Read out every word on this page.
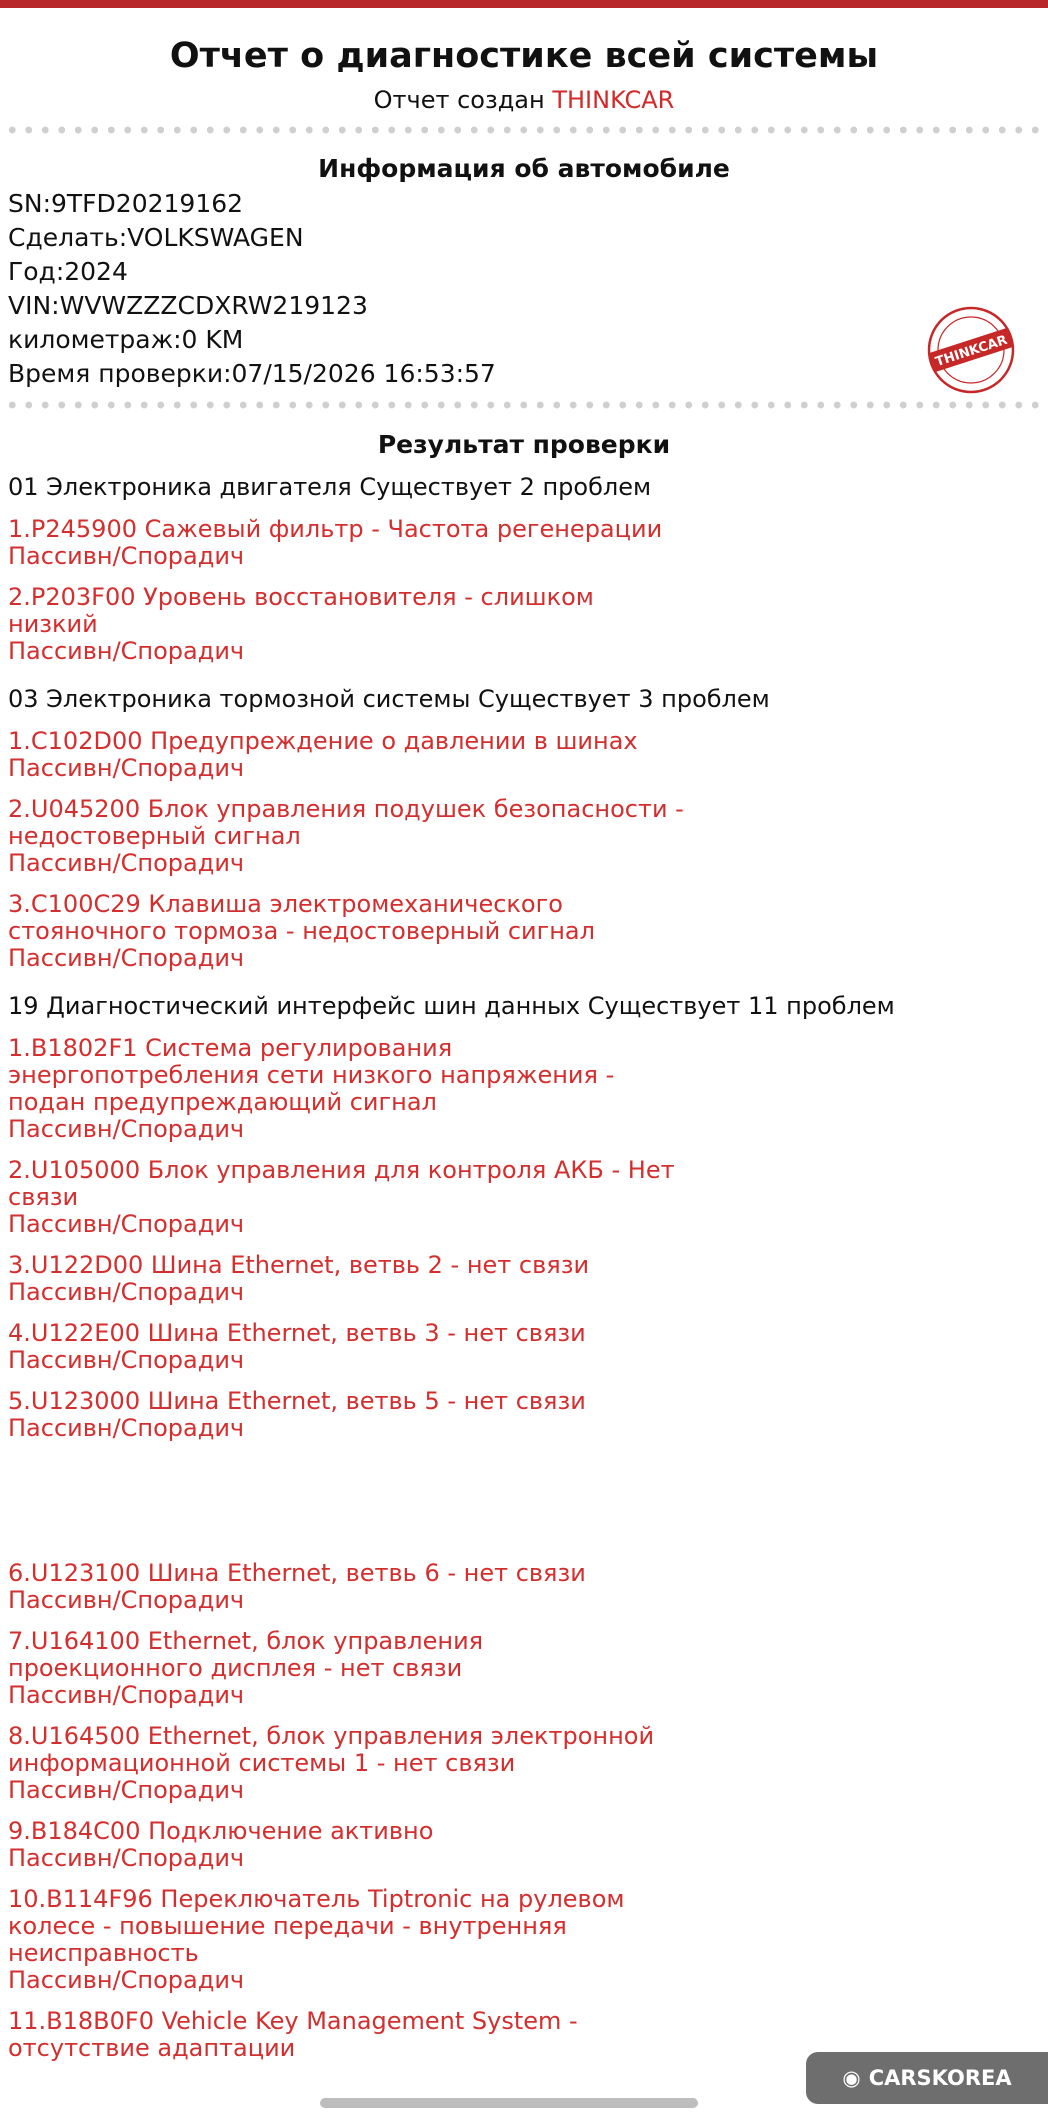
Отчет о диагностике всей системы
Отчет создан THINKCAR
Информация об автомобиле
SN:9TFD20219162
Сделать:VOLKSWAGEN
Год:2024
VIN:WVWZZZCDXRW219123
километраж:0 KM
Время проверки:07/15/2026 16:53:57
THINKCAR
Результат проверки
01 Электроника двигателя Существует 2 проблем
1.P245900 Сажевый фильтр - Частота регенерации
Пассивн/Спорадич
2.P203F00 Уровень восстановителя - слишком низкий
Пассивн/Спорадич
03 Электроника тормозной системы Существует 3 проблем
1.C102D00 Предупреждение о давлении в шинах
Пассивн/Спорадич
2.U045200 Блок управления подушек безопасности - недостоверный сигнал
Пассивн/Спорадич
3.C100C29 Клавиша электромеханического стояночного тормоза - недостоверный сигнал
Пассивн/Спорадич
19 Диагностический интерфейс шин данных Существует 11 проблем
1.B1802F1 Система регулирования энергопотребления сети низкого напряжения - подан предупреждающий сигнал
Пассивн/Спорадич
2.U105000 Блок управления для контроля АКБ - Нет связи
Пассивн/Спорадич
3.U122D00 Шина Ethernet, ветвь 2 - нет связи
Пассивн/Спорадич
4.U122E00 Шина Ethernet, ветвь 3 - нет связи
Пассивн/Спорадич
5.U123000 Шина Ethernet, ветвь 5 - нет связи
Пассивн/Спорадич
6.U123100 Шина Ethernet, ветвь 6 - нет связи
Пассивн/Спорадич
7.U164100 Ethernet, блок управления проекционного дисплея - нет связи
Пассивн/Спорадич
8.U164500 Ethernet, блок управления электронной информационной системы 1 - нет связи
Пассивн/Спорадич
9.B184C00 Подключение активно
Пассивн/Спорадич
10.B114F96 Переключатель Tiptronic на рулевом колесе - повышение передачи - внутренняя неисправность
Пассивн/Спорадич
11.B18B0F0 Vehicle Key Management System - отсутствие адаптации
◉ CARSKOREA
